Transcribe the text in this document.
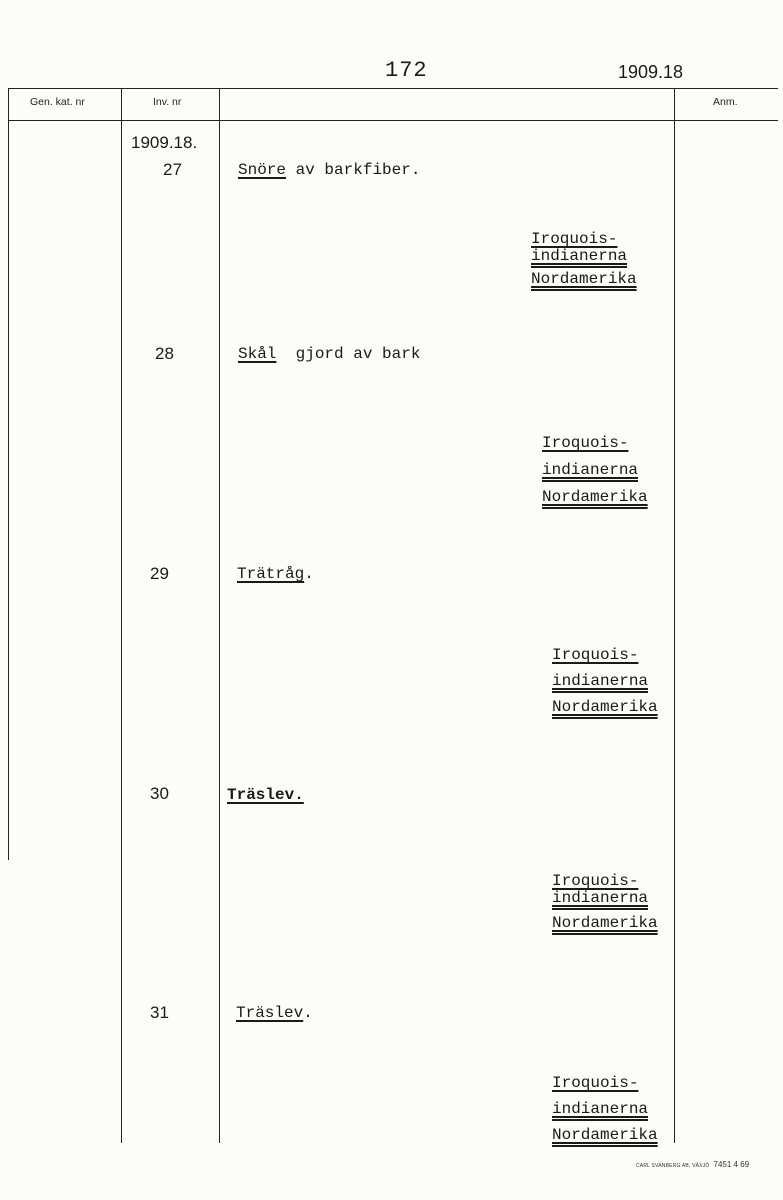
172	1909.18
Gen. kat. nr	Inv. nr	Anm.
1909.18.
27	Snöre av barkfiber.
Iroquois-
indianerna
Nordamerika
28	Skål gjord av bark
Iroquois-
indianerna
Nordamerika
29	Trätråg.
Iroquois-
indianerna
Nordamerika
30	Träslev.
Iroquois-
indianerna
Nordamerika
31	Träslev.
Iroquois-
indianerna
Nordamerika
CARL SVANBERG AB, VÄXJÖ 7451 4 69
